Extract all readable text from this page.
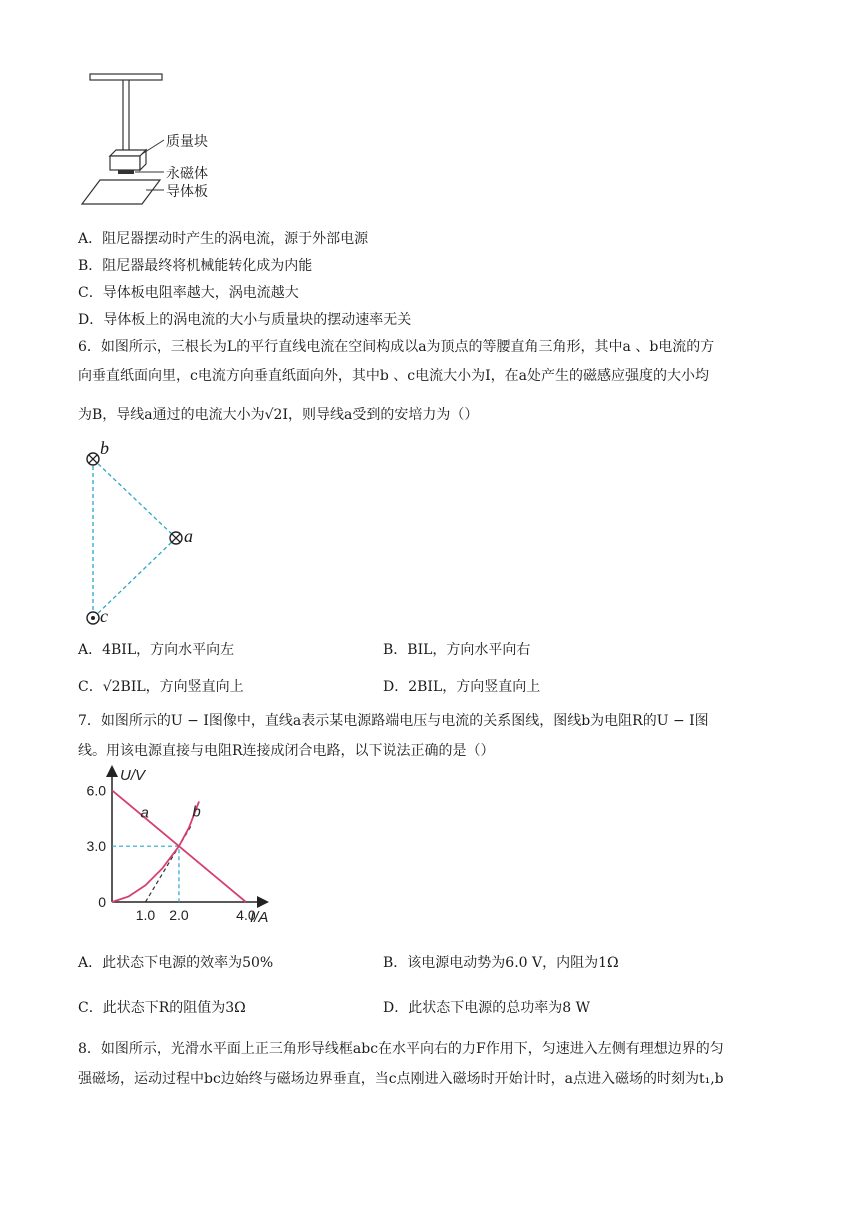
质量块
永磁体
导体板
A．阻尼器摆动时产生的涡电流，源于外部电源
B．阻尼器最终将机械能转化成为内能
C．导体板电阻率越大，涡电流越大
D．导体板上的涡电流的大小与质量块的摆动速率无关
6．如图所示，三根长为L的平行直线电流在空间构成以a为顶点的等腰直角三角形，其中a 、b电流的方
向垂直纸面向里，c电流方向垂直纸面向外，其中b 、c电流大小为I，在a处产生的磁感应强度的大小均
为B，导线a通过的电流大小为√2I，则导线a受到的安培力为（）
b
a
c
A．4BIL，方向水平向左	B．BIL，方向水平向右
C．√2BIL，方向竖直向上	D．2BIL，方向竖直向上
7．如图所示的U − I图像中，直线a表示某电源路端电压与电流的关系图线，图线b为电阻R的U − I图
线。用该电源直接与电阻R连接成闭合电路，以下说法正确的是（）
a	b
0
3.0
6.0
1.0 2.0	4.0
U/V
I/A
A．此状态下电源的效率为50%	B．该电源电动势为6.0 V，内阻为1Ω
C．此状态下R的阻值为3Ω	D．此状态下电源的总功率为8 W
8．如图所示，光滑水平面上正三角形导线框abc在水平向右的力F作用下，匀速进入左侧有理想边界的匀
强磁场，运动过程中bc边始终与磁场边界垂直，当c点刚进入磁场时开始计时，a点进入磁场的时刻为t₁,b
